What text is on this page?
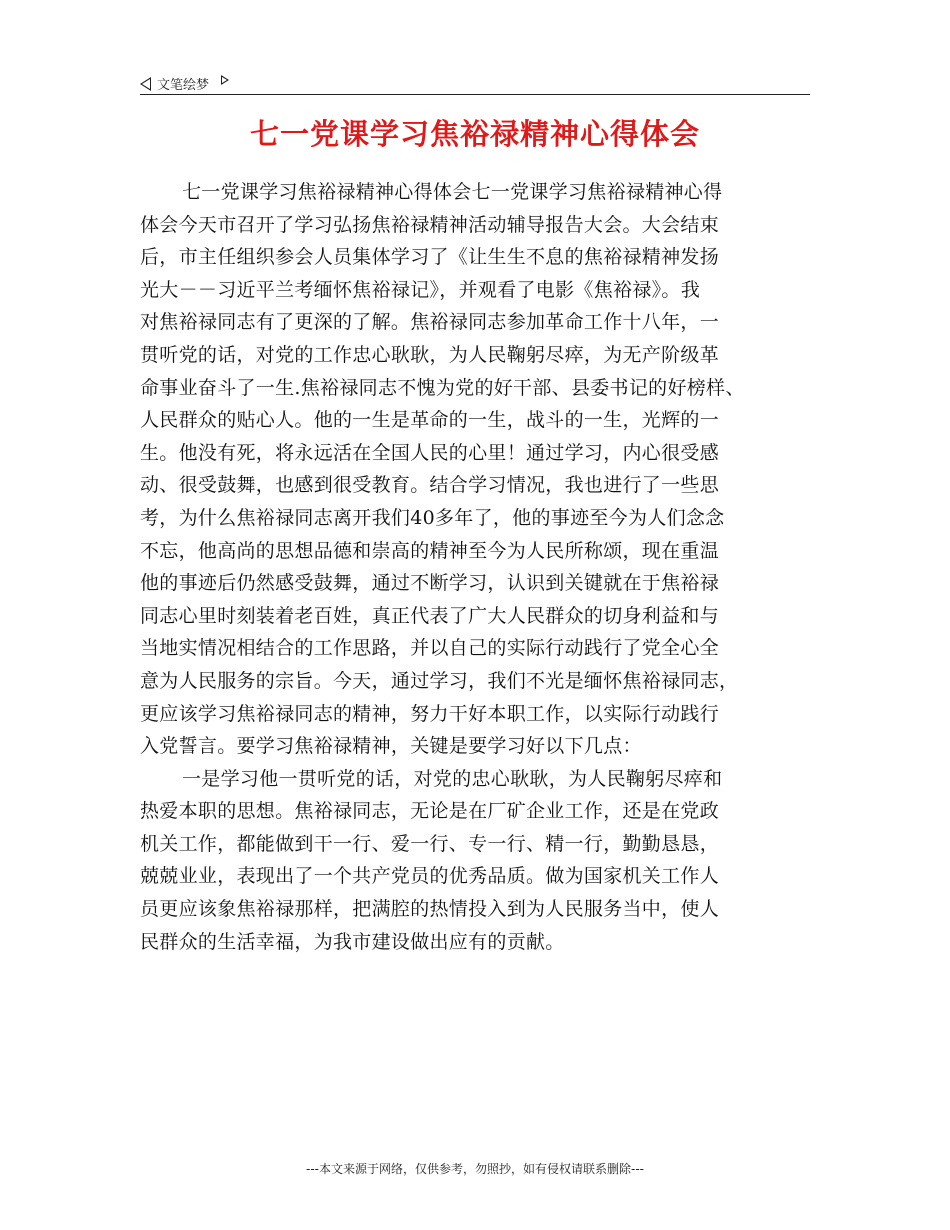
文笔绘梦
七一党课学习焦裕禄精神心得体会
七一党课学习焦裕禄精神心得体会七一党课学习焦裕禄精神心得
体会今天市召开了学习弘扬焦裕禄精神活动辅导报告大会。大会结束
后，市主任组织参会人员集体学习了《让生生不息的焦裕禄精神发扬
光大－－习近平兰考缅怀焦裕禄记》，并观看了电影《焦裕禄》。我
对焦裕禄同志有了更深的了解。焦裕禄同志参加革命工作十八年，一
贯听党的话，对党的工作忠心耿耿，为人民鞠躬尽瘁，为无产阶级革
命事业奋斗了一生.焦裕禄同志不愧为党的好干部、县委书记的好榜样、
人民群众的贴心人。他的一生是革命的一生，战斗的一生，光辉的一
生。他没有死，将永远活在全国人民的心里！通过学习，内心很受感
动、很受鼓舞，也感到很受教育。结合学习情况，我也进行了一些思
考，为什么焦裕禄同志离开我们40多年了，他的事迹至今为人们念念
不忘，他高尚的思想品德和崇高的精神至今为人民所称颂，现在重温
他的事迹后仍然感受鼓舞，通过不断学习，认识到关键就在于焦裕禄
同志心里时刻装着老百姓，真正代表了广大人民群众的切身利益和与
当地实情况相结合的工作思路，并以自己的实际行动践行了党全心全
意为人民服务的宗旨。今天，通过学习，我们不光是缅怀焦裕禄同志，
更应该学习焦裕禄同志的精神，努力干好本职工作，以实际行动践行
入党誓言。要学习焦裕禄精神，关键是要学习好以下几点：
一是学习他一贯听党的话，对党的忠心耿耿，为人民鞠躬尽瘁和
热爱本职的思想。焦裕禄同志，无论是在厂矿企业工作，还是在党政
机关工作，都能做到干一行、爱一行、专一行、精一行，勤勤恳恳，
兢兢业业，表现出了一个共产党员的优秀品质。做为国家机关工作人
员更应该象焦裕禄那样，把满腔的热情投入到为人民服务当中，使人
民群众的生活幸福，为我市建设做出应有的贡献。
---本文来源于网络，仅供参考，勿照抄，如有侵权请联系删除---
